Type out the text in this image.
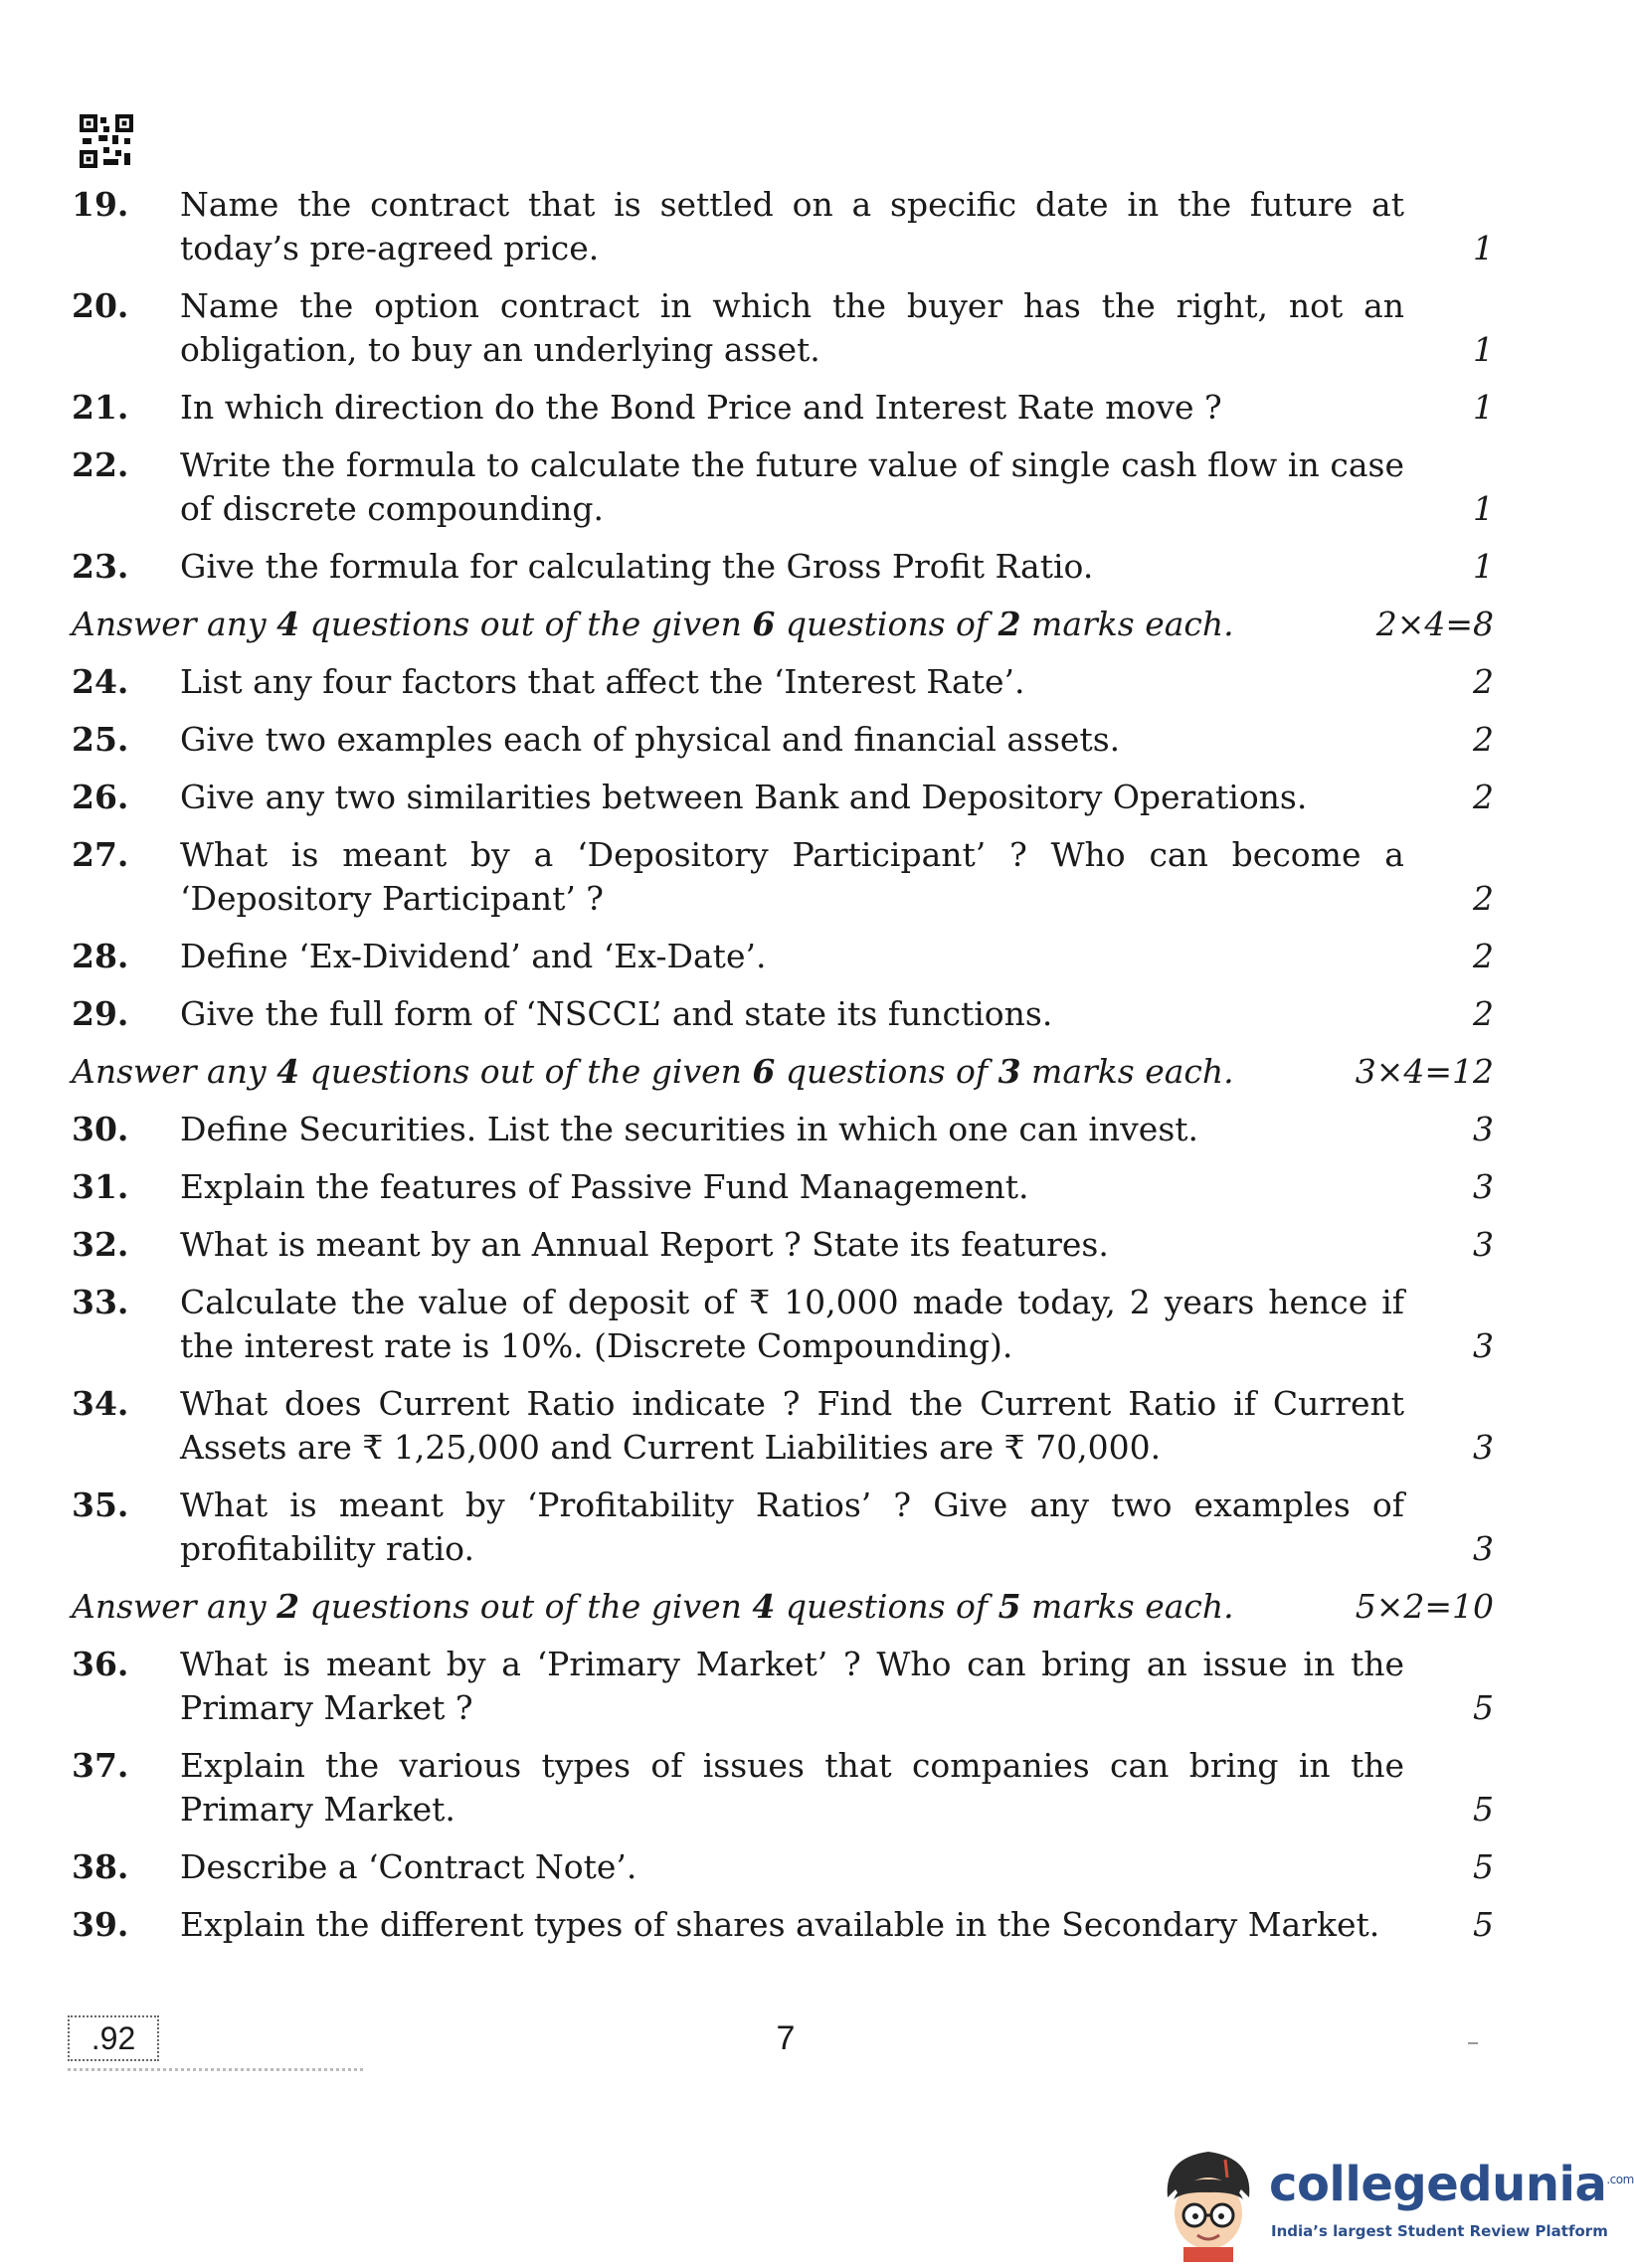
19.	Name the contract that is settled on a specific date in the future at
today’s pre-agreed price.	1
20.	Name the option contract in which the buyer has the right, not an
obligation, to buy an underlying asset.	1
21.	In which direction do the Bond Price and Interest Rate move ?	1
22.	Write the formula to calculate the future value of single cash flow in case
of discrete compounding.	1
23.	Give the formula for calculating the Gross Profit Ratio.	1
Answer any 4 questions out of the given 6 questions of 2 marks each.	2×4=8
24.	List any four factors that affect the ‘Interest Rate’.	2
25.	Give two examples each of physical and financial assets.	2
26.	Give any two similarities between Bank and Depository Operations.	2
27.	What is meant by a ‘Depository Participant’ ? Who can become a
‘Depository Participant’ ?	2
28.	Define ‘Ex-Dividend’ and ‘Ex-Date’.	2
29.	Give the full form of ‘NSCCL’ and state its functions.	2
Answer any 4 questions out of the given 6 questions of 3 marks each.	3×4=12
30.	Define Securities. List the securities in which one can invest.	3
31.	Explain the features of Passive Fund Management.	3
32.	What is meant by an Annual Report ? State its features.	3
33.	Calculate the value of deposit of ₹ 10,000 made today, 2 years hence if
the interest rate is 10%. (Discrete Compounding).	3
34.	What does Current Ratio indicate ? Find the Current Ratio if Current
Assets are ₹ 1,25,000 and Current Liabilities are ₹ 70,000.	3
35.	What is meant by ‘Profitability Ratios’ ? Give any two examples of
profitability ratio.	3
Answer any 2 questions out of the given 4 questions of 5 marks each.	5×2=10
36.	What is meant by a ‘Primary Market’ ? Who can bring an issue in the
Primary Market ?	5
37.	Explain the various types of issues that companies can bring in the
Primary Market.	5
38.	Describe a ‘Contract Note’.	5
39.	Explain the different types of shares available in the Secondary Market.	5
.92	7
collegedunia$^{.com}$
India’s largest Student Review Platform
